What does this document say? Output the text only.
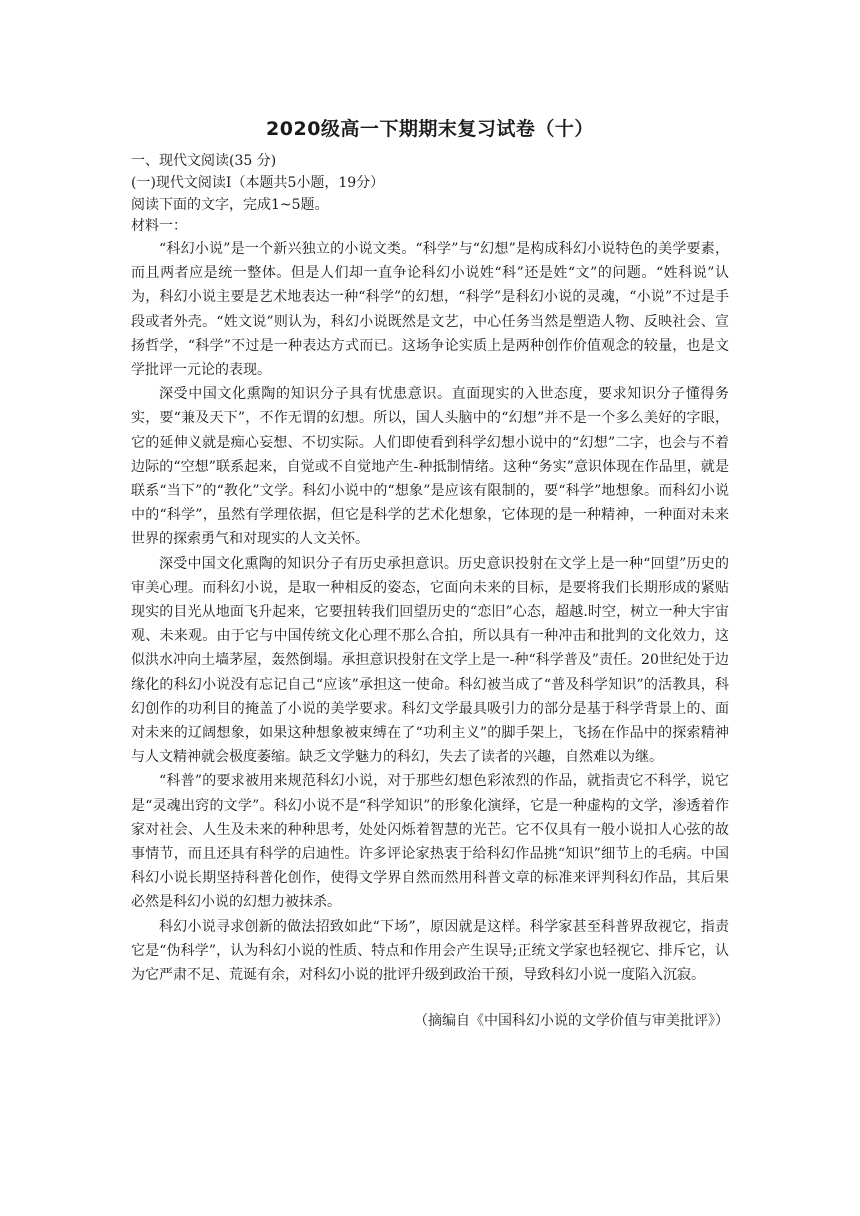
2020级高一下期期末复习试卷（十）
一、现代文阅读(35 分)
(一)现代文阅读Ⅰ（本题共5小题，19分）
阅读下面的文字，完成1~5题。
材料一：

“科幻小说”是一个新兴独立的小说文类。“科学”与“幻想”是构成科幻小说特色的美学要素，而且两者应是统一整体。但是人们却一直争论科幻小说姓“科”还是姓“文”的问题。“姓科说”认为，科幻小说主要是艺术地表达一种“科学”的幻想，“科学”是科幻小说的灵魂，“小说”不过是手段或者外壳。“姓文说”则认为，科幻小说既然是文艺，中心任务当然是塑造人物、反映社会、宣扬哲学，“科学”不过是一种表达方式而已。这场争论实质上是两种创作价值观念的较量，也是文学批评一元论的表现。

深受中国文化熏陶的知识分子具有忧患意识。直面现实的入世态度，要求知识分子懂得务实，要“兼及天下”，不作无谓的幻想。所以，国人头脑中的“幻想”并不是一个多么美好的字眼，它的延伸义就是痴心妄想、不切实际。人们即使看到科学幻想小说中的“幻想”二字，也会与不着边际的“空想”联系起来，自觉或不自觉地产生-种抵制情绪。这种“务实”意识体现在作品里，就是联系“当下”的“教化”文学。科幻小说中的“想象”是应该有限制的，要“科学”地想象。而科幻小说中的“科学”，虽然有学理依据，但它是科学的艺术化想象，它体现的是一种精神，一种面对未来世界的探索勇气和对现实的人文关怀。

深受中国文化熏陶的知识分子有历史承担意识。历史意识投射在文学上是一种“回望”历史的审美心理。而科幻小说，是取一种相反的姿态，它面向未来的目标，是要将我们长期形成的紧贴现实的目光从地面飞升起来，它要扭转我们回望历史的“恋旧”心态，超越.时空，树立一种大宇宙观、未来观。由于它与中国传统文化心理不那么合拍，所以具有一种冲击和批判的文化效力，这似洪水冲向土墙茅屋，轰然倒塌。承担意识投射在文学上是一-种“科学普及”责任。20世纪处于边缘化的科幻小说没有忘记自己“应该”承担这一使命。科幻被当成了“普及科学知识”的活教具，科幻创作的功利目的掩盖了小说的美学要求。科幻文学最具吸引力的部分是基于科学背景上的、面对未来的辽阔想象，如果这种想象被束缚在了“功利主义”的脚手架上，飞扬在作品中的探索精神与人文精神就会极度萎缩。缺乏文学魅力的科幻，失去了读者的兴趣，自然难以为继。

“科普”的要求被用来规范科幻小说，对于那些幻想色彩浓烈的作品，就指责它不科学，说它是“灵魂出窍的文学”。科幻小说不是“科学知识”的形象化演绎，它是一种虚构的文学，渗透着作家对社会、人生及未来的种种思考，处处闪烁着智慧的光芒。它不仅具有一般小说扣人心弦的故事情节，而且还具有科学的启迪性。许多评论家热衷于给科幻作品挑“知识”细节上的毛病。中国科幻小说长期坚持科普化创作，使得文学界自然而然用科普文章的标准来评判科幻作品，其后果必然是科幻小说的幻想力被抹杀。

科幻小说寻求创新的做法招致如此“下场”，原因就是这样。科学家甚至科普界敌视它，指责它是“伪科学”，认为科幻小说的性质、特点和作用会产生误导;正统文学家也轻视它、排斥它，认为它严肃不足、荒诞有余，对科幻小说的批评升级到政治干预，导致科幻小说一度陷入沉寂。

（摘编自《中国科幻小说的文学价值与审美批评》）
